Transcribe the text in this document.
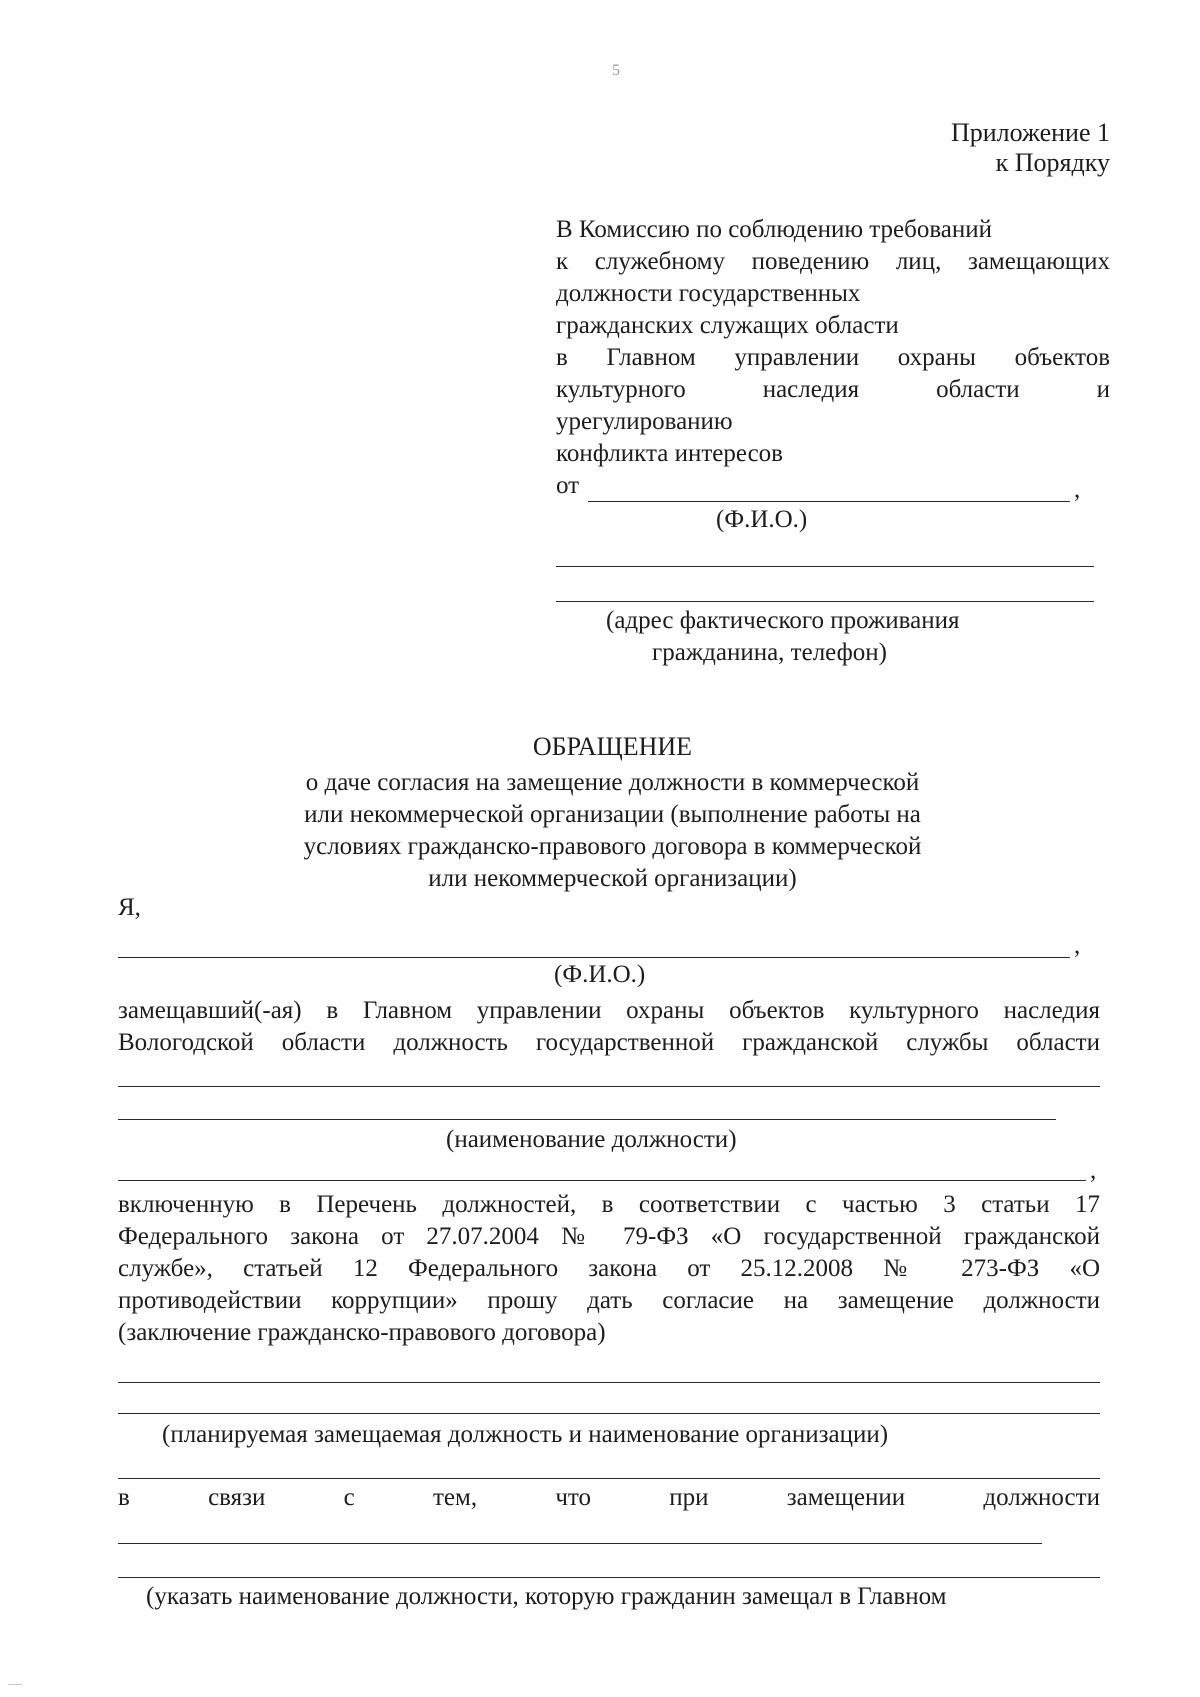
5
Приложение 1
к Порядку
В Комиссию по соблюдению требований
к служебному поведению лиц, замещающих
должности государственных
гражданских служащих области
в Главном управлении охраны объектов
культурного	наследия	области	и
урегулированию
конфликта интересов
от	,
(Ф.И.О.)
(адрес фактического проживания
гражданина, телефон)
ОБРАЩЕНИЕ
о даче согласия на замещение должности в коммерческой
или некоммерческой организации (выполнение работы на
условиях гражданско-правового договора в коммерческой
или некоммерческой организации)
Я,
,
(Ф.И.О.)
замещавший(-ая) в Главном управлении охраны объектов культурного наследия
Вологодской области должность государственной гражданской службы области
(наименование должности)
,
включенную в Перечень должностей, в соответствии с частью 3 статьи 17
Федерального закона от 27.07.2004 № 79-ФЗ «О государственной гражданской
службе», статьей 12 Федерального закона от 25.12.2008 № 273-ФЗ «О
противодействии коррупции» прошу дать согласие на замещение должности
(заключение гражданско-правового договора)
(планируемая замещаемая должность и наименование организации)
в	связи	с	тем,	что	при	замещении	должности
(указать наименование должности, которую гражданин замещал в Главном
